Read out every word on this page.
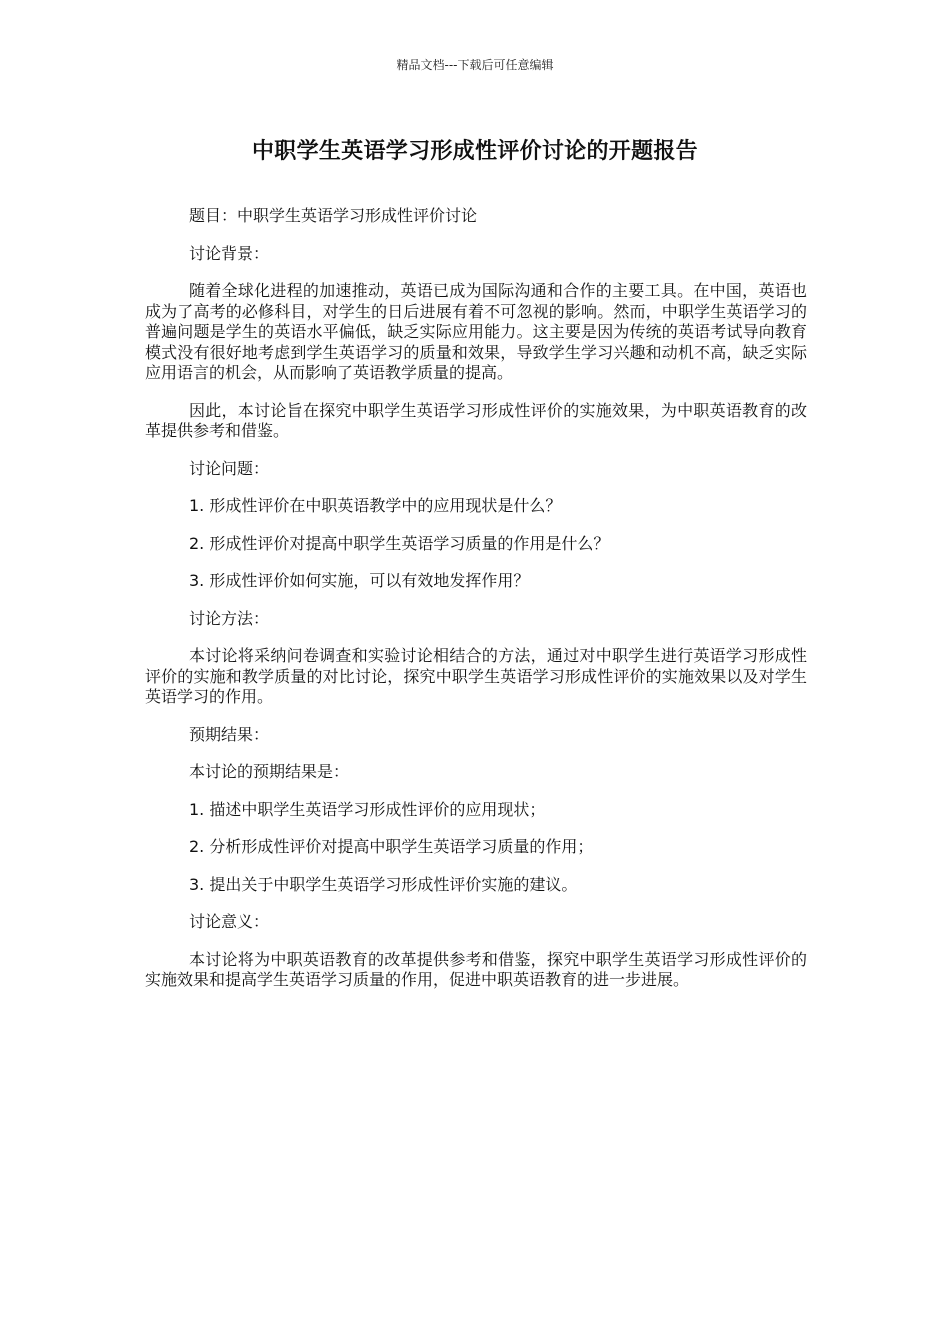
精品文档---下载后可任意编辑
中职学生英语学习形成性评价讨论的开题报告

题目：中职学生英语学习形成性评价讨论

讨论背景：

随着全球化进程的加速推动，英语已成为国际沟通和合作的主要工具。在中国，英语也成为了高考的必修科目，对学生的日后进展有着不可忽视的影响。然而，中职学生英语学习的普遍问题是学生的英语水平偏低，缺乏实际应用能力。这主要是因为传统的英语考试导向教育模式没有很好地考虑到学生英语学习的质量和效果，导致学生学习兴趣和动机不高，缺乏实际应用语言的机会，从而影响了英语教学质量的提高。

因此，本讨论旨在探究中职学生英语学习形成性评价的实施效果，为中职英语教育的改革提供参考和借鉴。

讨论问题：

1. 形成性评价在中职英语教学中的应用现状是什么？

2. 形成性评价对提高中职学生英语学习质量的作用是什么？

3. 形成性评价如何实施，可以有效地发挥作用？

讨论方法：

本讨论将采纳问卷调查和实验讨论相结合的方法，通过对中职学生进行英语学习形成性评价的实施和教学质量的对比讨论，探究中职学生英语学习形成性评价的实施效果以及对学生英语学习的作用。

预期结果：

本讨论的预期结果是：

1. 描述中职学生英语学习形成性评价的应用现状；

2. 分析形成性评价对提高中职学生英语学习质量的作用；

3. 提出关于中职学生英语学习形成性评价实施的建议。

讨论意义：

本讨论将为中职英语教育的改革提供参考和借鉴，探究中职学生英语学习形成性评价的实施效果和提高学生英语学习质量的作用，促进中职英语教育的进一步进展。
